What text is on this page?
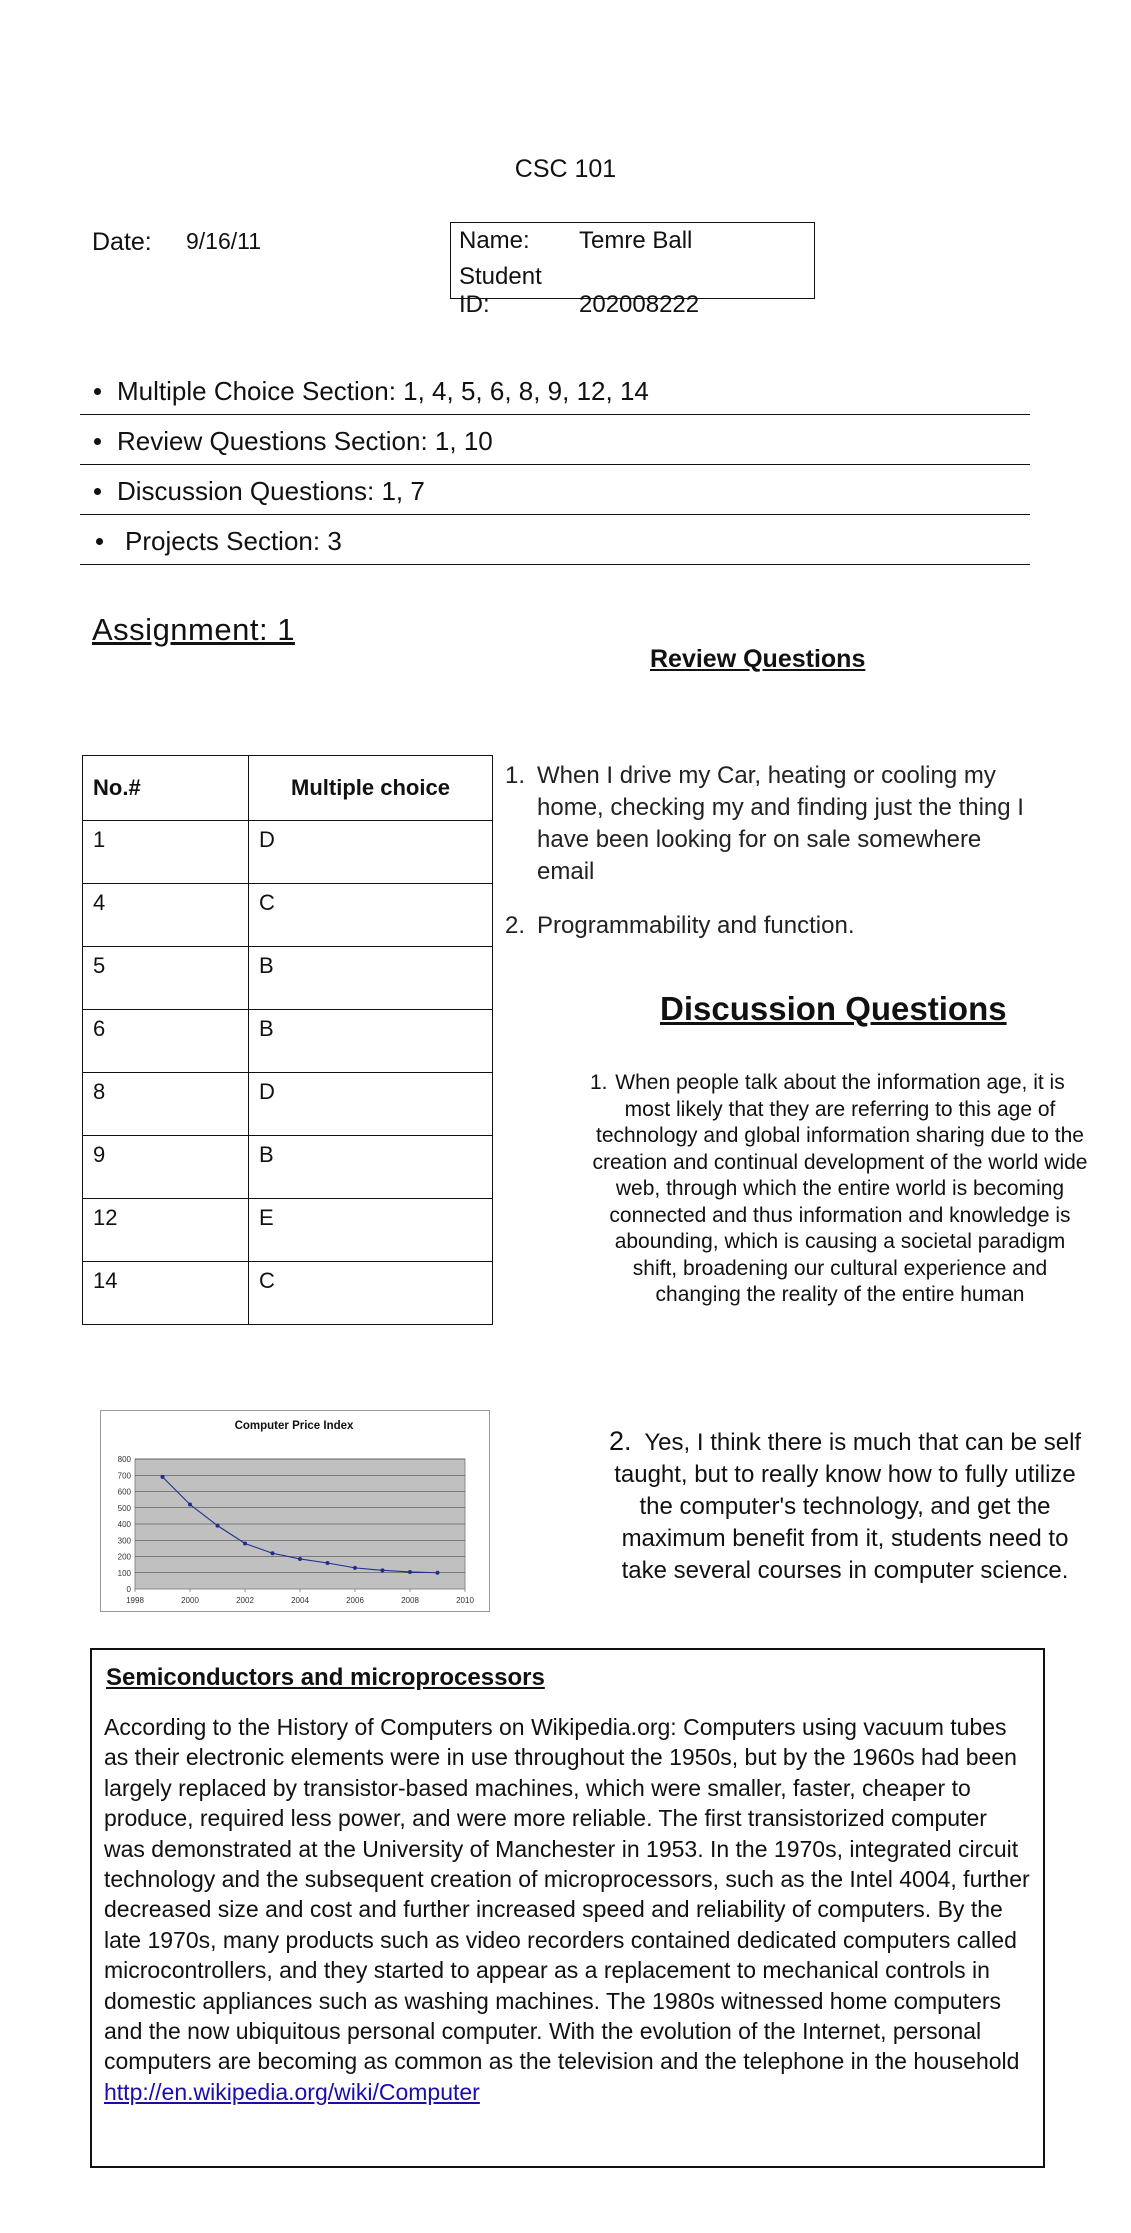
CSC 101
Date: 9/16/11	Name: Temre Ball
Student ID:	202008222
Multiple Choice Section: 1, 4, 5, 6, 8, 9, 12, 14
Review Questions Section: 1, 10
Discussion Questions: 1, 7
Projects Section: 3
Assignment: 1
Review Questions
No.#	Multiple choice
1	D
4	C
5	B
6	B
8	D
9	B
12	E
14	C
1. When I drive my Car, heating or cooling my home, checking my and finding just the thing I have been looking for on sale somewhere email
2. Programmability and function.
Discussion Questions
1. When people talk about the information age, it is most likely that they are referring to this age of technology and global information sharing due to the creation and continual development of the world wide web, through which the entire world is becoming connected and thus information and knowledge is abounding, which is causing a societal paradigm shift, broadening our cultural experience and changing the reality of the entire human
2. Yes, I think there is much that can be self taught, but to really know how to fully utilize the computer's technology, and get the maximum benefit from it, students need to take several courses in computer science.
Computer Price Index
0
100
200
300
400
500
600
700
800
1998	2000	2002	2004	2006	2008	2010
Semiconductors and microprocessors
According to the History of Computers on Wikipedia.org: Computers using vacuum tubes as their electronic elements were in use throughout the 1950s, but by the 1960s had been largely replaced by transistor-based machines, which were smaller, faster, cheaper to produce, required less power, and were more reliable. The first transistorized computer was demonstrated at the University of Manchester in 1953. In the 1970s, integrated circuit technology and the subsequent creation of microprocessors, such as the Intel 4004, further decreased size and cost and further increased speed and reliability of computers. By the late 1970s, many products such as video recorders contained dedicated computers called microcontrollers, and they started to appear as a replacement to mechanical controls in domestic appliances such as washing machines. The 1980s witnessed home computers and the now ubiquitous personal computer. With the evolution of the Internet, personal computers are becoming as common as the television and the telephone in the household http://en.wikipedia.org/wiki/Computer
